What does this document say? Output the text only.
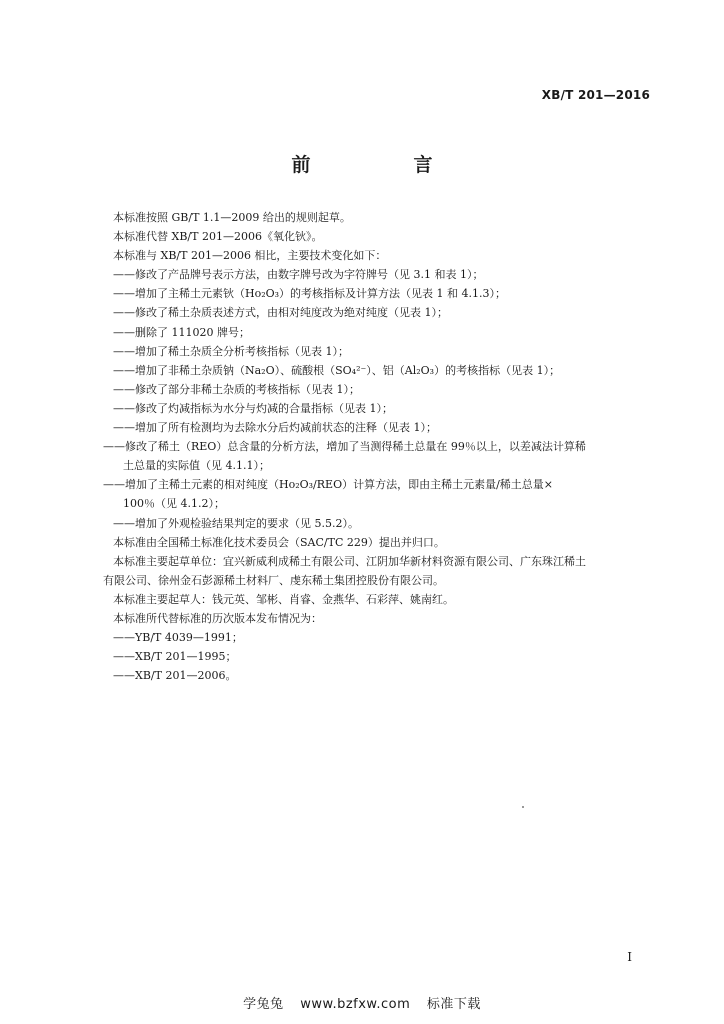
XB/T 201—2016
前　言

本标准按照 GB/T 1.1—2009 给出的规则起草。

本标准代替 XB/T 201—2006《氧化钬》。

本标准与 XB/T 201—2006 相比，主要技术变化如下：

——修改了产品牌号表示方法，由数字牌号改为字符牌号（见 3.1 和表 1）；

——增加了主稀土元素钬（Ho₂O₃）的考核指标及计算方法（见表 1 和 4.1.3）；

——修改了稀土杂质表述方式，由相对纯度改为绝对纯度（见表 1）；

——删除了 111020 牌号；

——增加了稀土杂质全分析考核指标（见表 1）；

——增加了非稀土杂质钠（Na₂O）、硫酸根（SO₄²⁻）、铝（Al₂O₃）的考核指标（见表 1）；

——修改了部分非稀土杂质的考核指标（见表 1）；

——修改了灼减指标为水分与灼减的合量指标（见表 1）；

——增加了所有检测均为去除水分后灼减前状态的注释（见表 1）；

——修改了稀土（REO）总含量的分析方法，增加了当测得稀土总量在 99％以上，以差减法计算稀

土总量的实际值（见 4.1.1）；

——增加了主稀土元素的相对纯度（Ho₂O₃/REO）计算方法，即由主稀土元素量/稀土总量×

100％（见 4.1.2）；

——增加了外观检验结果判定的要求（见 5.5.2）。

本标准由全国稀土标准化技术委员会（SAC/TC 229）提出并归口。

本标准主要起草单位：宜兴新威利成稀土有限公司、江阴加华新材料资源有限公司、广东珠江稀土

有限公司、徐州金石彭源稀土材料厂、虔东稀土集团控股份有限公司。

本标准主要起草人：钱元英、邹彬、肖睿、金燕华、石彩萍、姚南红。

本标准所代替标准的历次版本发布情况为：

——YB/T 4039—1991；

——XB/T 201—1995；

——XB/T 201—2006。

I
学兔兔 www.bzfxw.com 标准下载
